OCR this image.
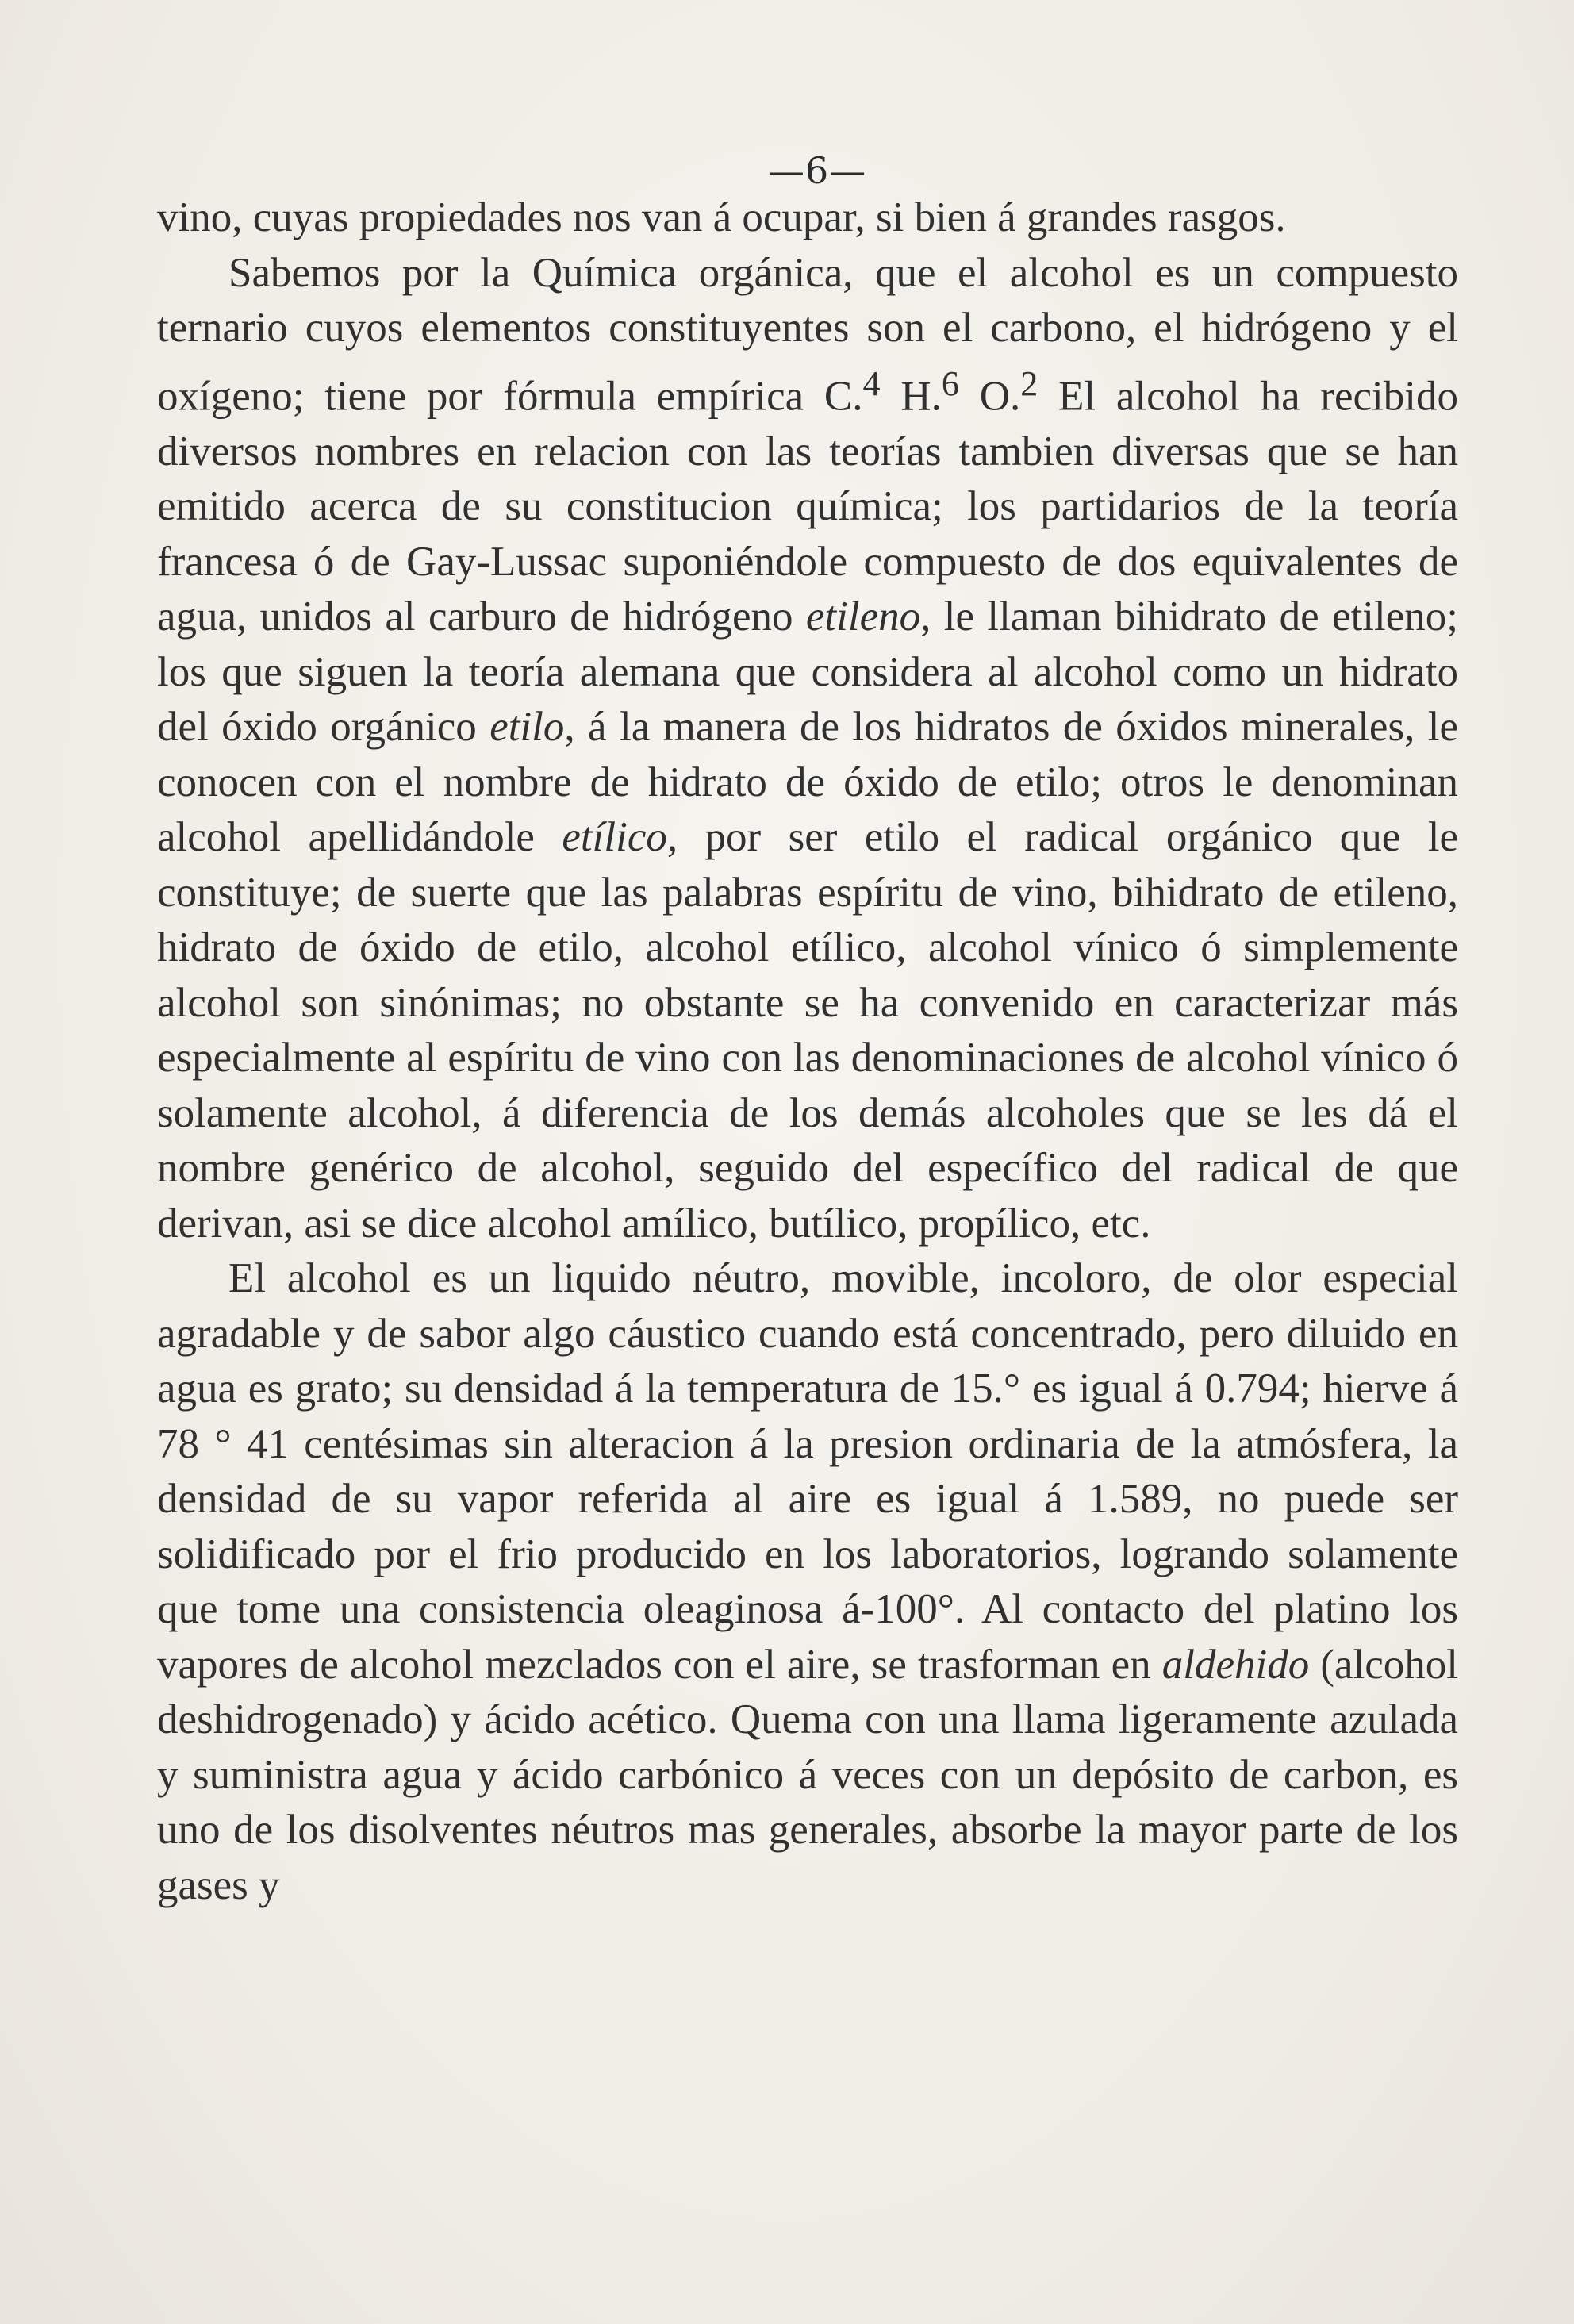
—6—

vino, cuyas propiedades nos van á ocupar, si bien á grandes rasgos.

Sabemos por la Química orgánica, que el alcohol es un compuesto ternario cuyos elementos constituyentes son el carbono, el hidrógeno y el oxígeno; tiene por fórmula empírica C.$^4$ H.$^6$ O.$^2$ El alcohol ha recibido diversos nombres en relacion con las teorías tambien diversas que se han emitido acerca de su constitucion química; los partidarios de la teoría francesa ó de Gay-Lussac suponiéndole compuesto de dos equivalentes de agua, unidos al carburo de hidrógeno etileno, le llaman bihidrato de etileno; los que siguen la teoría alemana que considera al alcohol como un hidrato del óxido orgánico etilo, á la manera de los hidratos de óxidos minerales, le conocen con el nombre de hidrato de óxido de etilo; otros le denominan alcohol apellidándole etílico, por ser etilo el radical orgánico que le constituye; de suerte que las palabras espíritu de vino, bihidrato de etileno, hidrato de óxido de etilo, alcohol etílico, alcohol vínico ó simplemente alcohol son sinónimas; no obstante se ha convenido en caracterizar más especialmente al espíritu de vino con las denominaciones de alcohol vínico ó solamente alcohol, á diferencia de los demás alcoholes que se les dá el nombre genérico de alcohol, seguido del específico del radical de que derivan, asi se dice alcohol amílico, butílico, propílico, etc.

El alcohol es un liquido néutro, movible, incoloro, de olor especial agradable y de sabor algo cáustico cuando está concentrado, pero diluido en agua es grato; su densidad á la temperatura de 15.° es igual á 0.794; hierve á 78 ° 41 centésimas sin alteracion á la presion ordinaria de la atmósfera, la densidad de su vapor referida al aire es igual á 1.589, no puede ser solidificado por el frio producido en los laboratorios, logrando solamente que tome una consistencia oleaginosa á-100°. Al contacto del platino los vapores de alcohol mezclados con el aire, se trasforman en aldehido (alcohol deshidrogenado) y ácido acético. Quema con una llama ligeramente azulada y suministra agua y ácido carbónico á veces con un depósito de carbon, es uno de los disolventes néutros mas generales, absorbe la mayor parte de los gases y
